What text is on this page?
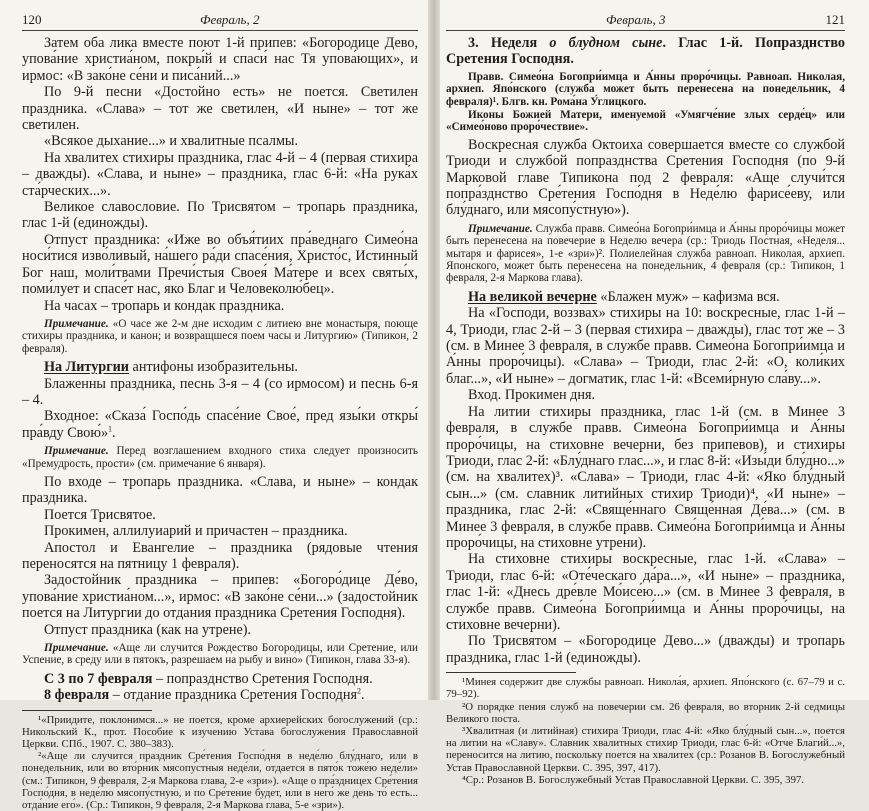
120	Февраль, 2

Затем оба лика вместе поют 1-й припев: «Богородице Дево, упова́ние христиа́ном, покры́й и спаси́ нас Тя упова́ющих», и ирмос: «В зако́не се́ни и писа́ний...»

По 9-й песни «Достойно есть» не поется. Светилен праздника. «Слава» – тот же светилен, «И ныне» – тот же светилен.

«Всякое дыхание...» и хвалитные псалмы.

На хвалитех стихиры праздника, глас 4-й – 4 (первая стихира – дважды). «Слава, и ныне» – праздника, глас 6-й: «На рука́х ста́рческих...».

Великое славословие. По Трисвятом – тропарь праздника, глас 1-й (единожды).

Отпуст праздника: «Иже во объя́тиих пра́веднаго Симео́на носи́тися изво́ливый, на́шего ра́ди спасе́ния, Христо́с, Истинный Бог наш, моли́твами Пречи́стыя Своея́ Ма́тере и всех святы́х, поми́лует и спасе́т нас, яко Благ и Человеколю́бец».

На часах – тропарь и кондак праздника.

Примечание. «О часе же 2-м дне исходим с литиею вне монастыря, поюще стихиры праздника, и канон; и возвращшеся поем часы и Литургию» (Типикон, 2 февраля).

На Литургии антифоны изобразительны.

Блаженны праздника, песнь 3-я – 4 (со ирмосом) и песнь 6-я – 4.

Входное: «Сказа́ Госпо́дь спасе́ние Свое́, пред язы́ки откры́ пра́вду Свою́»$^1$.

Примечание. Перед возглашением входного стиха следует произносить «Премудрость, прости» (см. примечание 6 января).

По входе – тропарь праздника. «Слава, и ныне» – кондак праздника.

Поется Трисвятое.

Прокимен, аллилуиарий и причастен – праздника.

Апостол и Евангелие – праздника (рядовые чтения переносятся на пятницу 1 февраля).

Задостойник праздника – припев: «Богоро́дице Де́во, упова́ние христиа́ном...», ирмос: «В зако́не се́ни...» (задостойник поется на Литургии до отдания праздника Сретения Господня).

Отпуст праздника (как на утрене).

Примечание. «Аще ли случится Рождество Богородицы, или Сретение, или Успение, в среду или в пятокъ, разрешаем на рыбу и вино» (Типикон, глава 33-я).

С 3 по 7 февраля – попразднство Сретения Господня.

8 февраля – отдание праздника Сретения Господня$^2$.

¹«Приидите, поклонимся...» не поется, кроме архиерейских богослужений (ср.: Никольский К., прот. Пособие к изучению Устава богослужения Православной Церкви. СПб., 1907. С. 380–383).

²«Аще ли случится праздник Сре́тения Госпо́дня в неде́лю блу́днаго, или в понедельник, или во вто́рник мясопу́стныя неде́ли, отдается в пято́к тоже́ю неде́ли» (см.: Типикон, 9 февраля, 2-я Маркова глава, 2-е «зри»). «Аще о пра́здницех Сре́тения Госпо́дня, в неде́лю мясопу́стную, и по Сре́тение будет, или в него́ же день то́ есть... отда́ние его́». (Ср.: Типикон, 9 февраля, 2-я Маркова глава, 5-е «зри»).

Февраль, 3	121

3. Неделя о блудном сыне. Глас 1-й. Попразднство Сретения Господня.

Правв. Симео́на Богопри́имца и А́нны проро́чицы. Равноап. Николая, архиеп. Япо́нского (служба может быть перенесена на понедельник, 4 февраля)¹. Блгв. кн. Рома́на У́глицкого.

Иконы Божией Матери, именуемой «Умягче́ние злых серде́ц» или «Симео́ново проро́чествие».

Воскресная служба Октоиха совершается вместе со службой Триоди и службой попразднства Сретения Господня (по 9-й Марковой главе Типикона под 2 февраля: «Аще случи́тся попра́зднство Сре́тения Госпо́дня в Неде́лю фарисе́еву, или блу́днаго, или мясопу́стную»).

Примечание. Служба правв. Симео́на Богопри́имца и А́нны проро́чицы может быть перенесена на повечерие в Неделю вечера (ср.: Триодь Постная, «Неделя... мытаря и фарисея», 1-е «зри»)². Полиелейная служба равноап. Николая, архиеп. Японского, может быть перенесена на понедельник, 4 февраля (ср.: Типикон, 1 февраля, 2-я Маркова глава).

На великой вечерне «Блажен муж» – кафизма вся.

На «Господи, воззвах» стихиры на 10: воскресные, глас 1-й – 4, Триоди, глас 2-й – 3 (первая стихира – дважды), глас тот же – 3 (см. в Минее 3 февраля, в службе правв. Симео́на Богопри́имца и А́нны проро́чицы). «Слава» – Триоди, глас 2-й: «О, коли́ких благ...», «И ныне» – догматик, глас 1-й: «Всеми́рную сла́ву...».

Вход. Прокимен дня.

На литии стихиры праздника, глас 1-й (см. в Минее 3 февраля, в службе правв. Симео́на Богопри́имца и А́нны проро́чицы, на стиховне вечерни, без припевов), и стихиры Триоди, глас 2-й: «Блу́днаго глас...», и глас 8-й: «Изы́ди блу́дно...» (см. на хвалитех)³. «Слава» – Триоди, глас 4-й: «Яко блу́дный сын...» (см. славник литийных стихир Триоди)⁴, «И ныне» – праздника, глас 2-й: «Свяще́ннаго Свяще́нная Де́ва...» (см. в Минее 3 февраля, в службе правв. Симео́на Богопри́имца и А́нны проро́чицы, на стиховне утрени).

На стиховне стихиры воскресные, глас 1-й. «Слава» – Триоди, глас 6-й: «Оте́ческаго да́ра...», «И ныне» – праздника, глас 1-й: «Днесь дре́вле Мо́исе́ю...» (см. в Минее 3 февраля, в службе правв. Симео́на Богопри́имца и А́нны проро́чицы, на стиховне вечерни).

По Трисвятом – «Богородице Дево...» (дважды) и тропарь праздника, глас 1-й (единожды).

¹Минея содержит две службы равноап. Никола́я, архиеп. Япо́нского (с. 67–79 и с. 79–92).

²О порядке пения служб на повечерии см. 26 февраля, во вторник 2-й седмицы Великого поста.

³Хвалитная (и литийная) стихира Триоди, глас 4-й: «Яко блу́дный сын...», поется на литии на «Славу». Славник хвалитных стихир Триоди, глас 6-й: «Отче Благи́й...», переносится на литию, поскольку поется на хвалитех (ср.: Розанов В. Богослужебный Устав Православной Церкви. С. 395, 397, 417).

⁴Ср.: Розанов В. Богослужебный Устав Православной Церкви. С. 395, 397.
